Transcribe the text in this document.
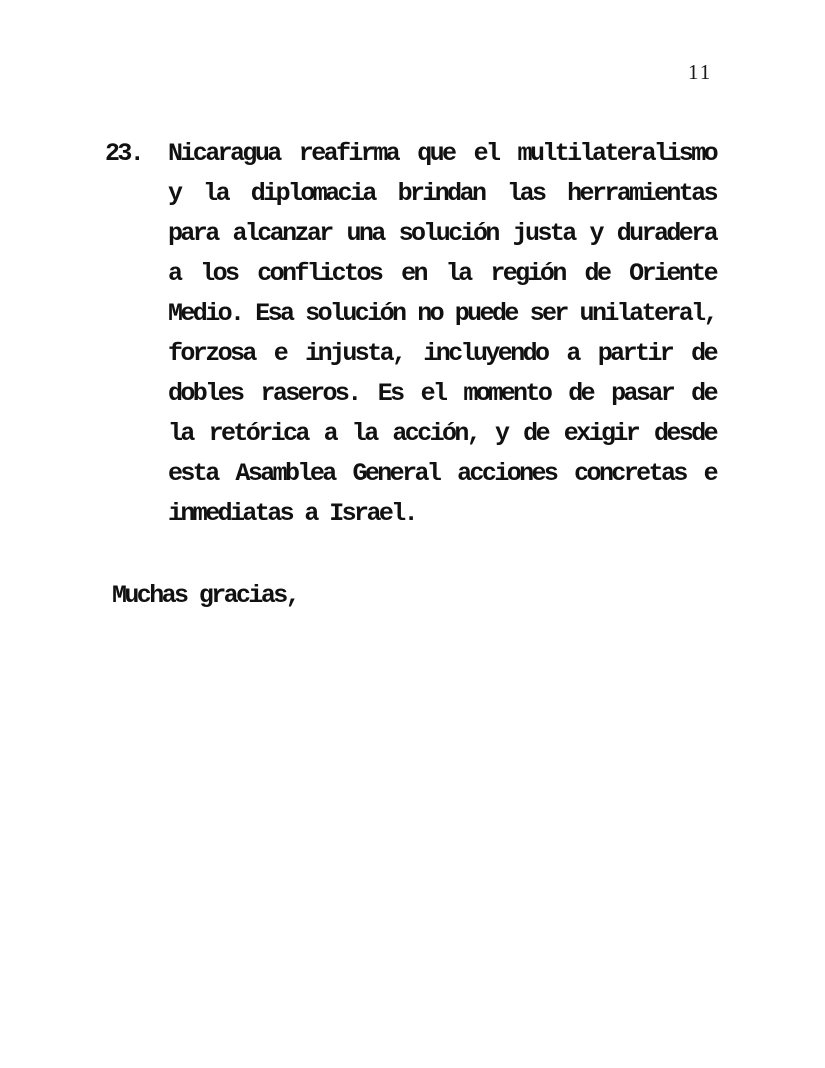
11
23. Nicaragua reafirma que el multilateralismo
y la diplomacia brindan las herramientas
para alcanzar una solución justa y duradera
a los conflictos en la región de Oriente
Medio. Esa solución no puede ser unilateral,
forzosa e injusta, incluyendo a partir de
dobles raseros. Es el momento de pasar de
la retórica a la acción, y de exigir desde
esta Asamblea General acciones concretas e
inmediatas a Israel.
Muchas gracias,
